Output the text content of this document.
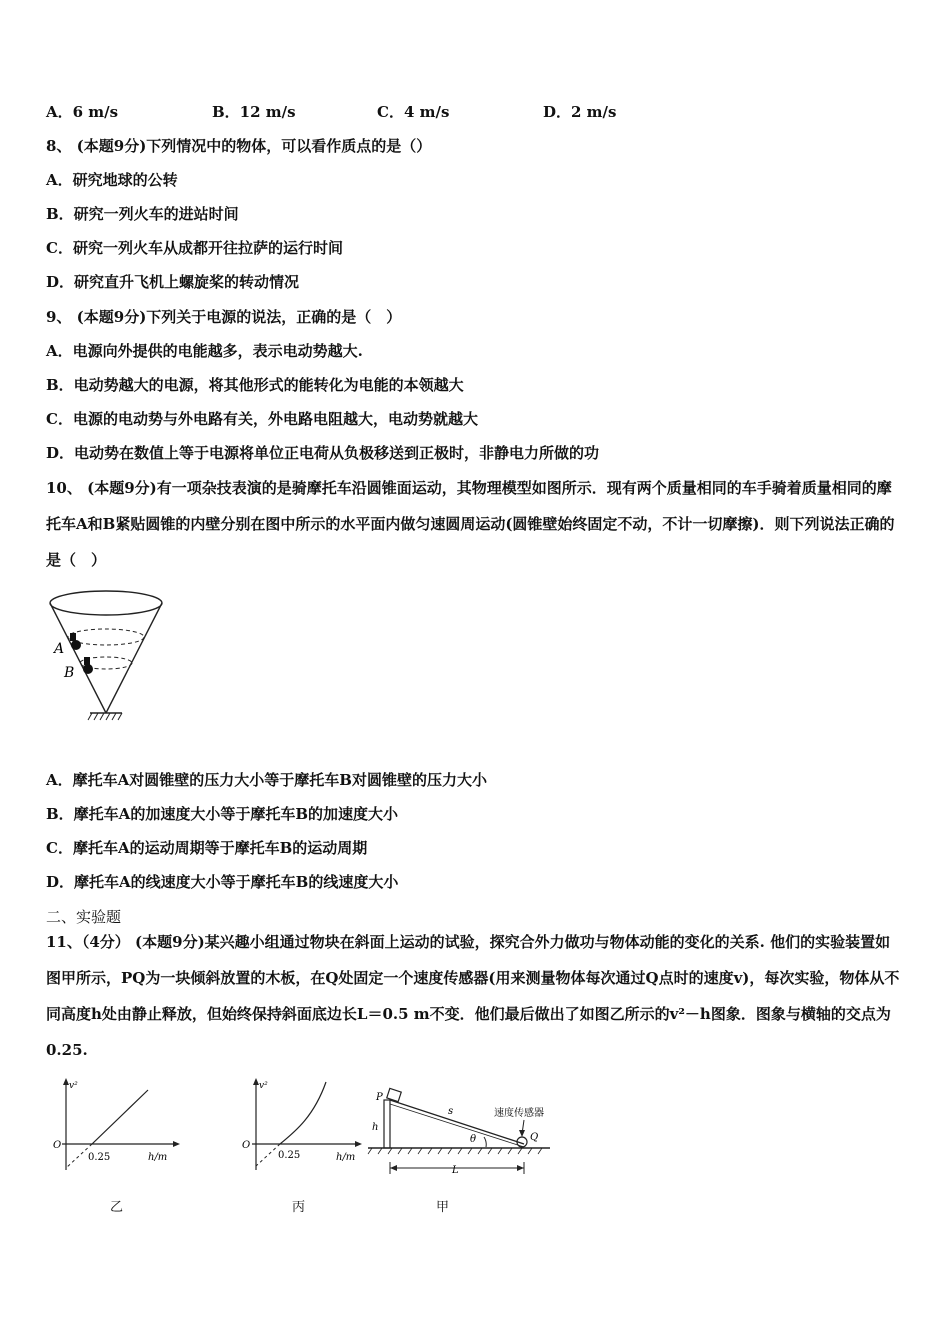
A．6 m/s	B．12 m/s	C．4 m/s	D．2 m/s
8、 (本题9分)下列情况中的物体，可以看作质点的是（）
A．研究地球的公转
B．研究一列火车的进站时间
C．研究一列火车从成都开往拉萨的运行时间
D．研究直升飞机上螺旋桨的转动情况
9、 (本题9分)下列关于电源的说法，正确的是（　）
A．电源向外提供的电能越多，表示电动势越大.
B．电动势越大的电源，将其他形式的能转化为电能的本领越大
C．电源的电动势与外电路有关，外电路电阻越大，电动势就越大
D．电动势在数值上等于电源将单位正电荷从负极移送到正极时，非静电力所做的功
10、 (本题9分)有一项杂技表演的是骑摩托车沿圆锥面运动，其物理模型如图所示．现有两个质量相同的车手骑着质量相同的摩托车A和B紧贴圆锥的内壁分别在图中所示的水平面内做匀速圆周运动(圆锥壁始终固定不动，不计一切摩擦)．则下列说法正确的是（　）
A
B
A．摩托车A对圆锥壁的压力大小等于摩托车B对圆锥壁的压力大小
B．摩托车A的加速度大小等于摩托车B的加速度大小
C．摩托车A的运动周期等于摩托车B的运动周期
D．摩托车A的线速度大小等于摩托车B的线速度大小
二、实验题
11、（4分） (本题9分)某兴趣小组通过物块在斜面上运动的试验，探究合外力做功与物体动能的变化的关系. 他们的实验装置如图甲所示，PQ为一块倾斜放置的木板，在Q处固定一个速度传感器(用来测量物体每次通过Q点时的速度v)，每次实验，物体从不同高度h处由静止释放，但始终保持斜面底边长L＝0.5 m不变．他们最后做出了如图乙所示的v²－h图象．图象与横轴的交点为0.25.
v²
O
0.25	h/m
乙
v²
O
0.25	h/m
丙
P
h
s
θ	Q
速度传感器
L
甲
